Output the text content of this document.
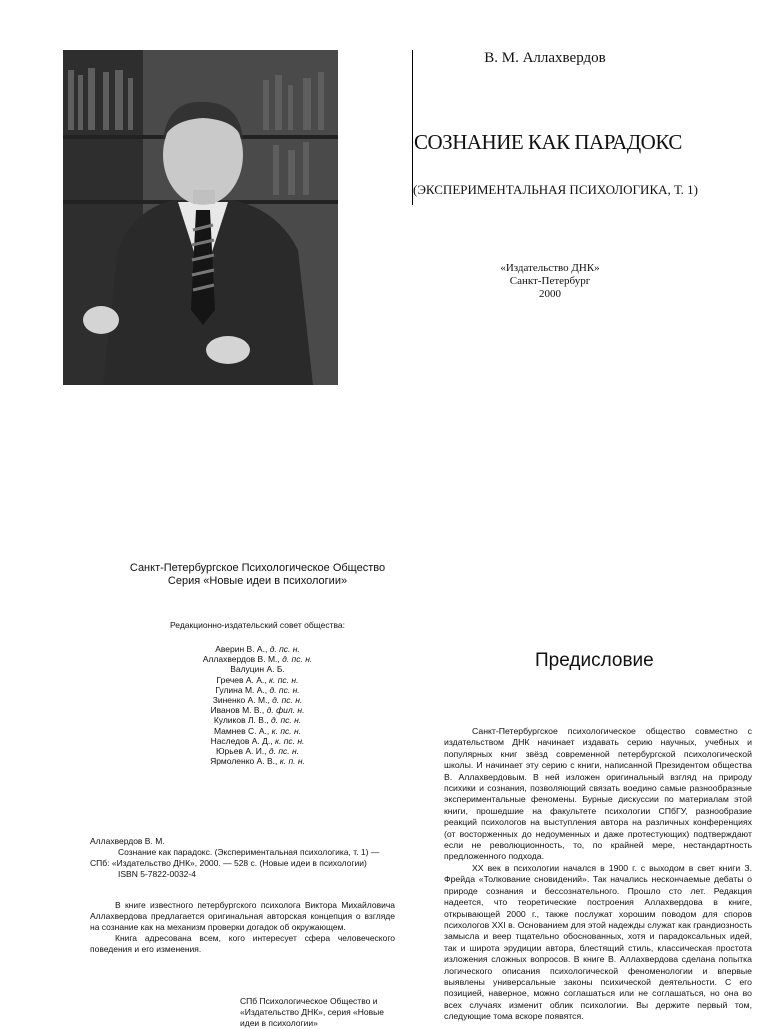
В. М. Аллахвердов
СОЗНАНИЕ КАК ПАРАДОКС
(ЭКСПЕРИМЕНТАЛЬНАЯ ПСИХОЛОГИКА, Т. 1)
«Издательство ДНК»
Санкт-Петербург
2000
Санкт-Петербургское Психологическое Общество
Серия «Новые идеи в психологии»
Редакционно-издательский совет общества:
Аверин В. А., д. пс. н.
Аллахвердов В. М., д. пс. н.
Валуцин А. Б.
Гречев А. А., к. пс. н.
Гулина М. А., д. пс. н.
Зиненко А. М., д. пс. н.
Иванов М. В., д. фил. н.
Куликов Л. В., д. пс. н.
Мамнев С. А., к. пс. н.
Наследов А. Д., к. пс. н.
Юрьев А. И., д. пс. н.
Ярмоленко А. В., к. п. н.
Аллахвердов В. М.
Сознание как парадокс. (Экспериментальная психологика, т. 1) —
СПб: «Издательство ДНК», 2000. — 528 с. (Новые идеи в психологии)
ISBN 5-7822-0032-4

В книге известного петербургского психолога Виктора Михайловича Аллахвердова предлагается оригинальная авторская концепция о взгляде на сознание как на механизм проверки догадок об окружающем.

Книга адресована всем, кого интересует сфера человеческого поведения и его изменения.

СПб Психологическое Общество и «Издательство ДНК», серия «Новые идеи в психологии»
Предисловие

Санкт-Петербургское психологическое общество совместно с издательством ДНК начинает издавать серию научных, учебных и популярных книг звёзд современной петербургской психологической школы. И начинает эту серию с книги, написанной Президентом общества В. Аллахвердовым. В ней изложен оригинальный взгляд на природу психики и сознания, позволяющий связать воедино самые разнообразные экспериментальные феномены. Бурные дискуссии по материалам этой книги, прошедшие на факультете психологии СПбГУ, разнообразие реакций психологов на выступления автора на различных конференциях (от восторженных до недоуменных и даже протестующих) подтверждают если не революционность, то, по крайней мере, нестандартность предложенного подхода.

XX век в психологии начался в 1900 г. с выходом в свет книги З. Фрейда «Толкование сновидений». Так начались нескончаемые дебаты о природе сознания и бессознательного. Прошло сто лет. Редакция надеется, что теоретические построения Аллахвердова в книге, открывающей 2000 г., также послужат хорошим поводом для споров психологов XXI в. Основанием для этой надежды служат как грандиозность замысла и веер тщательно обоснованных, хотя и парадоксальных идей, так и широта эрудиции автора, блестящий стиль, классическая простота изложения сложных вопросов. В книге В. Аллахвердова сделана попытка логического описания психологической феноменологии и впервые выявлены универсальные законы психической деятельности. С его позицией, наверное, можно соглашаться или не соглашаться, но она во всех случаях изменит облик психологии. Вы держите первый том, следующие тома вскоре появятся.
